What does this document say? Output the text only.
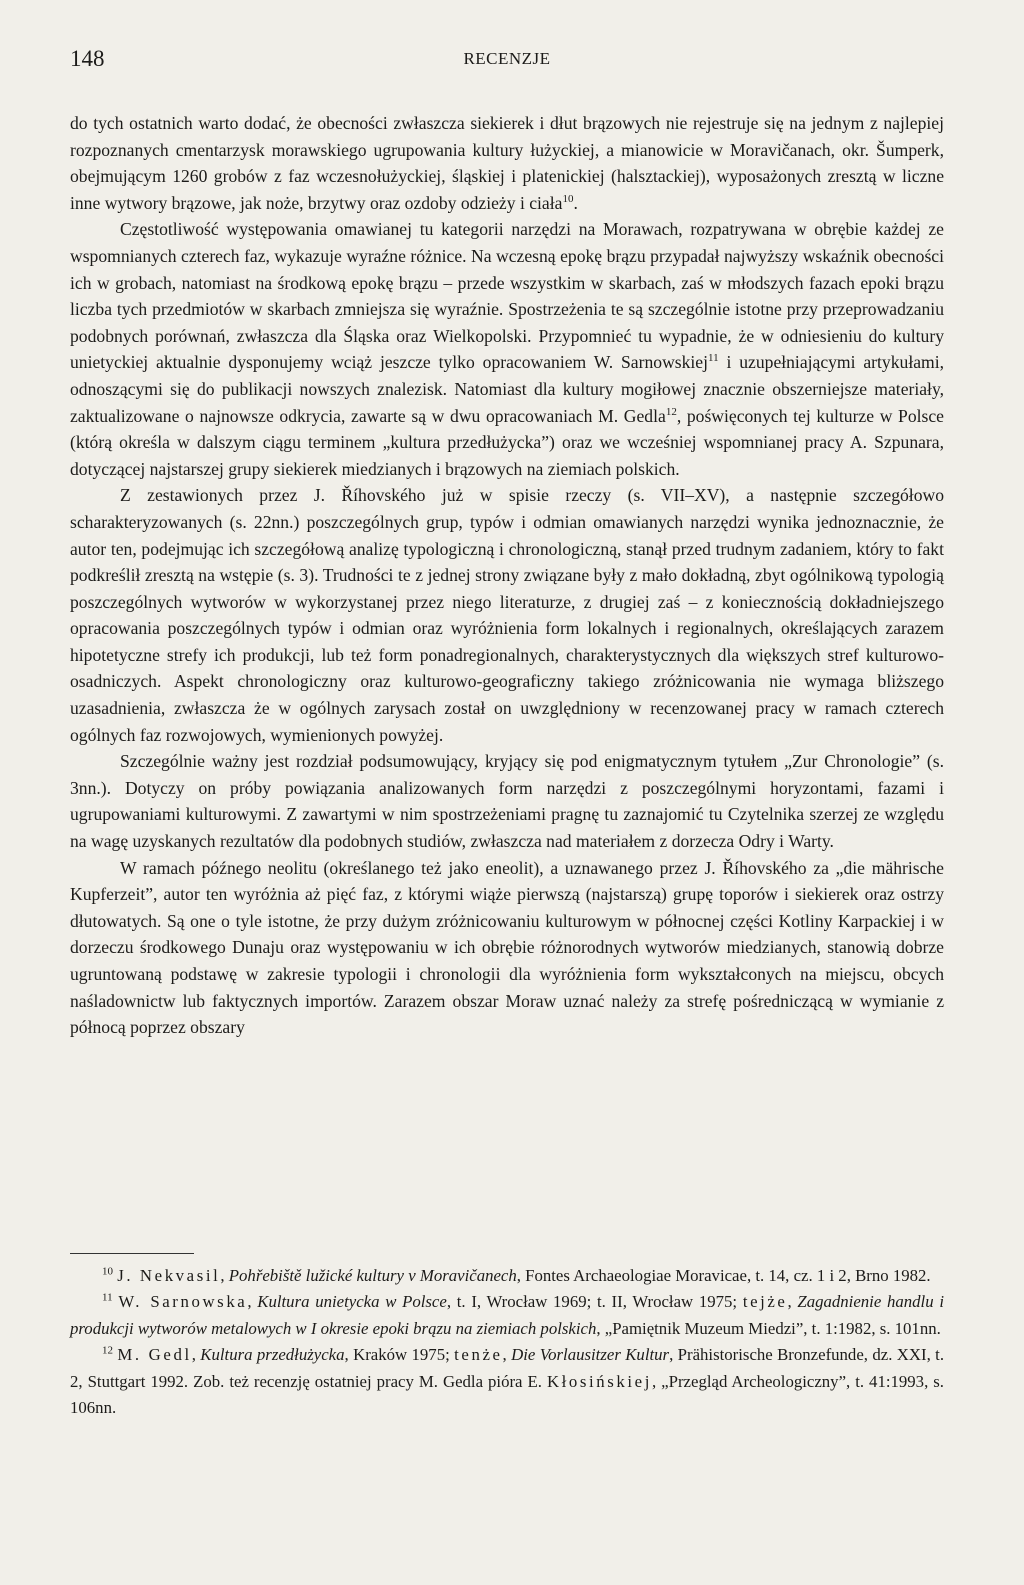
148	RECENZJE

do tych ostatnich warto dodać, że obecności zwłaszcza siekierek i dłut brązowych nie rejestruje się na jednym z najlepiej rozpoznanych cmentarzysk morawskiego ugrupowania kultury łużyckiej, a mianowicie w Moravičanach, okr. Šumperk, obejmującym 1260 grobów z faz wczesnołużyckiej, śląskiej i platenickiej (halsztackiej), wyposażonych zresztą w liczne inne wytwory brązowe, jak noże, brzytwy oraz ozdoby odzieży i ciała$^{10}$.

Częstotliwość występowania omawianej tu kategorii narzędzi na Morawach, rozpatrywana w obrębie każdej ze wspomnianych czterech faz, wykazuje wyraźne różnice. Na wczesną epokę brązu przypadał najwyższy wskaźnik obecności ich w grobach, natomiast na środkową epokę brązu – przede wszystkim w skarbach, zaś w młodszych fazach epoki brązu liczba tych przedmiotów w skarbach zmniejsza się wyraźnie. Spostrzeżenia te są szczególnie istotne przy przeprowadzaniu podobnych porównań, zwłaszcza dla Śląska oraz Wielkopolski. Przypomnieć tu wypadnie, że w odniesieniu do kultury unietyckiej aktualnie dysponujemy wciąż jeszcze tylko opracowaniem W. Sarnowskiej$^{11}$ i uzupełniającymi artykułami, odnoszącymi się do publikacji nowszych znalezisk. Natomiast dla kultury mogiłowej znacznie obszerniejsze materiały, zaktualizowane o najnowsze odkrycia, zawarte są w dwu opracowaniach M. Gedla$^{12}$, poświęconych tej kulturze w Polsce (którą określa w dalszym ciągu terminem „kultura przedłużycka”) oraz we wcześniej wspomnianej pracy A. Szpunara, dotyczącej najstarszej grupy siekierek miedzianych i brązowych na ziemiach polskich.

Z zestawionych przez J. Říhovského już w spisie rzeczy (s. VII–XV), a następnie szczegółowo scharakteryzowanych (s. 22nn.) poszczególnych grup, typów i odmian omawianych narzędzi wynika jednoznacznie, że autor ten, podejmując ich szczegółową analizę typologiczną i chronologiczną, stanął przed trudnym zadaniem, który to fakt podkreślił zresztą na wstępie (s. 3). Trudności te z jednej strony związane były z mało dokładną, zbyt ogólnikową typologią poszczególnych wytworów w wykorzystanej przez niego literaturze, z drugiej zaś – z koniecznością dokładniejszego opracowania poszczególnych typów i odmian oraz wyróżnienia form lokalnych i regionalnych, określających zarazem hipotetyczne strefy ich produkcji, lub też form ponadregionalnych, charakterystycznych dla większych stref kulturowo-osadniczych. Aspekt chronologiczny oraz kulturowo-geograficzny takiego zróżnicowania nie wymaga bliższego uzasadnienia, zwłaszcza że w ogólnych zarysach został on uwzględniony w recenzowanej pracy w ramach czterech ogólnych faz rozwojowych, wymienionych powyżej.

Szczególnie ważny jest rozdział podsumowujący, kryjący się pod enigmatycznym tytułem „Zur Chronologie” (s. 3nn.). Dotyczy on próby powiązania analizowanych form narzędzi z poszczególnymi horyzontami, fazami i ugrupowaniami kulturowymi. Z zawartymi w nim spostrzeżeniami pragnę tu zaznajomić tu Czytelnika szerzej ze względu na wagę uzyskanych rezultatów dla podobnych studiów, zwłaszcza nad materiałem z dorzecza Odry i Warty.

W ramach późnego neolitu (określanego też jako eneolit), a uznawanego przez J. Říhovského za „die mährische Kupferzeit”, autor ten wyróżnia aż pięć faz, z którymi wiąże pierwszą (najstarszą) grupę toporów i siekierek oraz ostrzy dłutowatych. Są one o tyle istotne, że przy dużym zróżnicowaniu kulturowym w północnej części Kotliny Karpackiej i w dorzeczu środkowego Dunaju oraz występowaniu w ich obrębie różnorodnych wytworów miedzianych, stanowią dobrze ugruntowaną podstawę w zakresie typologii i chronologii dla wyróżnienia form wykształconych na miejscu, obcych naśladownictw lub faktycznych importów. Zarazem obszar Moraw uznać należy za strefę pośredniczącą w wymianie z północą poprzez obszary

$^{10}$ J. Nekvasil, Pohřebiště lužické kultury v Moravičanech, Fontes Archaeologiae Moravicae, t. 14, cz. 1 i 2, Brno 1982.

$^{11}$ W. Sarnowska, Kultura unietycka w Polsce, t. I, Wrocław 1969; t. II, Wrocław 1975; tejże, Zagadnienie handlu i produkcji wytworów metalowych w I okresie epoki brązu na ziemiach polskich, „Pamiętnik Muzeum Miedzi”, t. 1:1982, s. 101nn.

$^{12}$ M. Gedl, Kultura przedłużycka, Kraków 1975; tenże, Die Vorlausitzer Kultur, Prähistorische Bronzefunde, dz. XXI, t. 2, Stuttgart 1992. Zob. też recenzję ostatniej pracy M. Gedla pióra E. Kłosińskiej, „Przegląd Archeologiczny”, t. 41:1993, s. 106nn.
